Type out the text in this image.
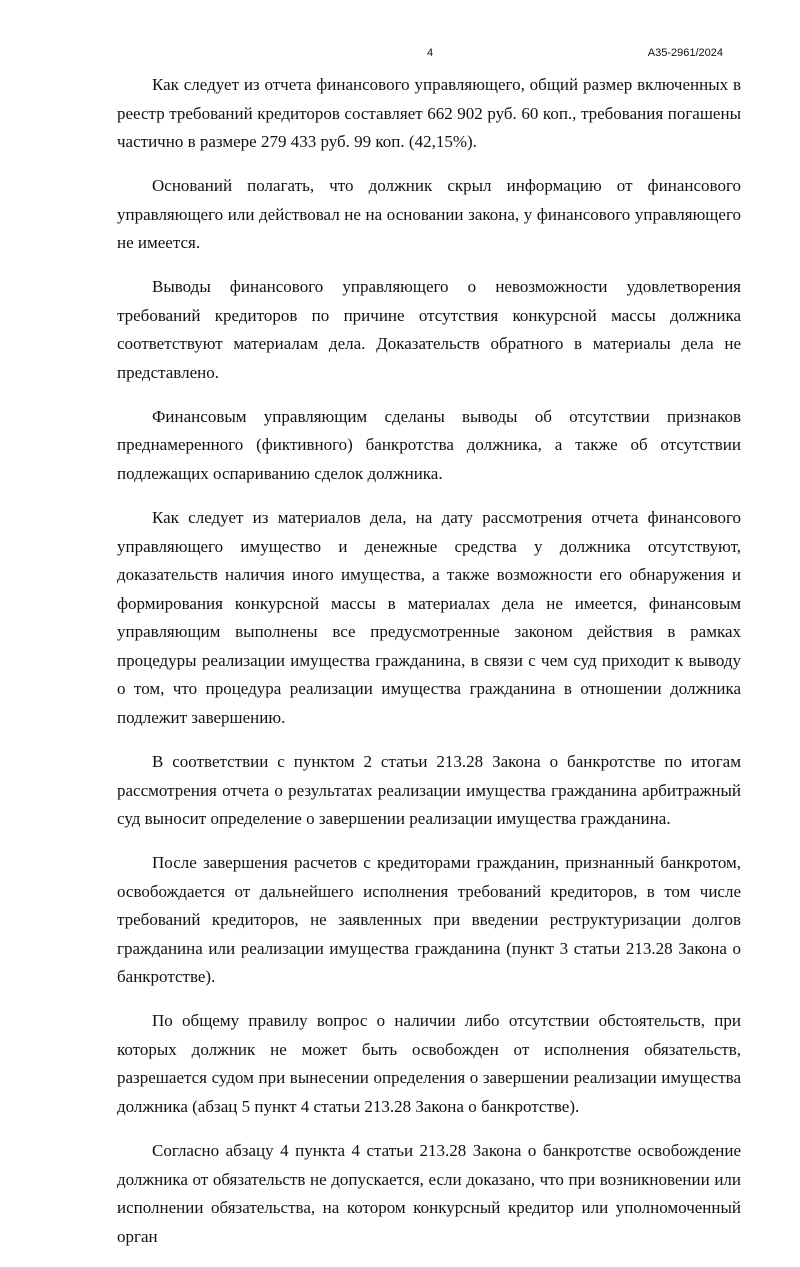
4	А35-2961/2024

Как следует из отчета финансового управляющего, общий размер включенных в реестр требований кредиторов составляет 662 902 руб. 60 коп., требования погашены частично в размере 279 433 руб. 99 коп. (42,15%).

Оснований полагать, что должник скрыл информацию от финансового управляющего или действовал не на основании закона, у финансового управляющего не имеется.

Выводы финансового управляющего о невозможности удовлетворения требований кредиторов по причине отсутствия конкурсной массы должника соответствуют материалам дела. Доказательств обратного в материалы дела не представлено.

Финансовым управляющим сделаны выводы об отсутствии признаков преднамеренного (фиктивного) банкротства должника, а также об отсутствии подлежащих оспариванию сделок должника.

Как следует из материалов дела, на дату рассмотрения отчета финансового управляющего имущество и денежные средства у должника отсутствуют, доказательств наличия иного имущества, а также возможности его обнаружения и формирования конкурсной массы в материалах дела не имеется, финансовым управляющим выполнены все предусмотренные законом действия в рамках процедуры реализации имущества гражданина, в связи с чем суд приходит к выводу о том, что процедура реализации имущества гражданина в отношении должника подлежит завершению.

В соответствии с пунктом 2 статьи 213.28 Закона о банкротстве по итогам рассмотрения отчета о результатах реализации имущества гражданина арбитражный суд выносит определение о завершении реализации имущества гражданина.

После завершения расчетов с кредиторами гражданин, признанный банкротом, освобождается от дальнейшего исполнения требований кредиторов, в том числе требований кредиторов, не заявленных при введении реструктуризации долгов гражданина или реализации имущества гражданина (пункт 3 статьи 213.28 Закона о банкротстве).

По общему правилу вопрос о наличии либо отсутствии обстоятельств, при которых должник не может быть освобожден от исполнения обязательств, разрешается судом при вынесении определения о завершении реализации имущества должника (абзац 5 пункт 4 статьи 213.28 Закона о банкротстве).

Согласно абзацу 4 пункта 4 статьи 213.28 Закона о банкротстве освобождение должника от обязательств не допускается, если доказано, что при возникновении или исполнении обязательства, на котором конкурсный кредитор или уполномоченный орган
